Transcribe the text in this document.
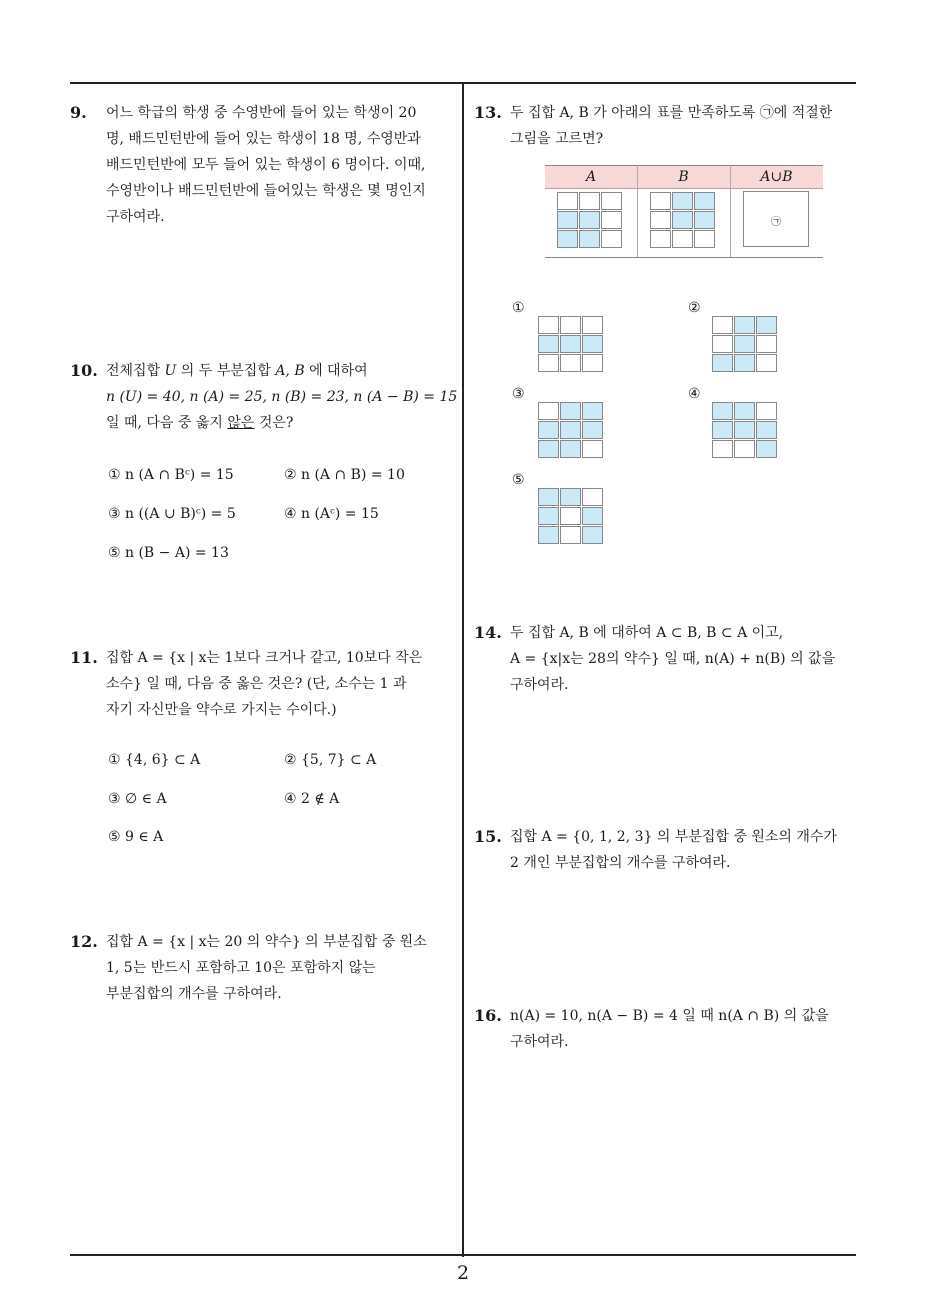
2
9. 어느 학급의 학생 중 수영반에 들어 있는 학생이 20
명, 배드민턴반에 들어 있는 학생이 18 명, 수영반과
배드민턴반에 모두 들어 있는 학생이 6 명이다. 이때,
수영반이나 배드민턴반에 들어있는 학생은 몇 명인지
구하여라.
10. 전체집합 U 의 두 부분집합 A, B 에 대하여
n (U) = 40, n (A) = 25, n (B) = 23, n (A − B) = 15
일 때, 다음 중 옳지 않은 것은?
① n (A ∩ Bᶜ) = 15	② n (A ∩ B) = 10
③ n ((A ∪ B)ᶜ) = 5	④ n (Aᶜ) = 15
⑤ n (B − A) = 13
11. 집합 A = {x | x는 1보다 크거나 같고, 10보다 작은
소수} 일 때, 다음 중 옳은 것은? (단, 소수는 1 과
자기 자신만을 약수로 가지는 수이다.)
① {4, 6} ⊂ A	② {5, 7} ⊂ A
③ ∅ ∈ A	④ 2 ∉ A
⑤ 9 ∈ A
12. 집합 A = {x | x는 20 의 약수} 의 부분집합 중 원소
1, 5는 반드시 포함하고 10은 포함하지 않는
부분집합의 개수를 구하여라.
13. 두 집합 A, B 가 아래의 표를 만족하도록 ㉠에 적절한
그림을 고르면?
A	B	A∪B
㉠
①	②
③	④
⑤
14. 두 집합 A, B 에 대하여 A ⊂ B, B ⊂ A 이고,
A = {x|x는 28의 약수} 일 때, n(A) + n(B) 의 값을
구하여라.
15. 집합 A = {0, 1, 2, 3} 의 부분집합 중 원소의 개수가
2 개인 부분집합의 개수를 구하여라.
16. n(A) = 10, n(A − B) = 4 일 때 n(A ∩ B) 의 값을
구하여라.
